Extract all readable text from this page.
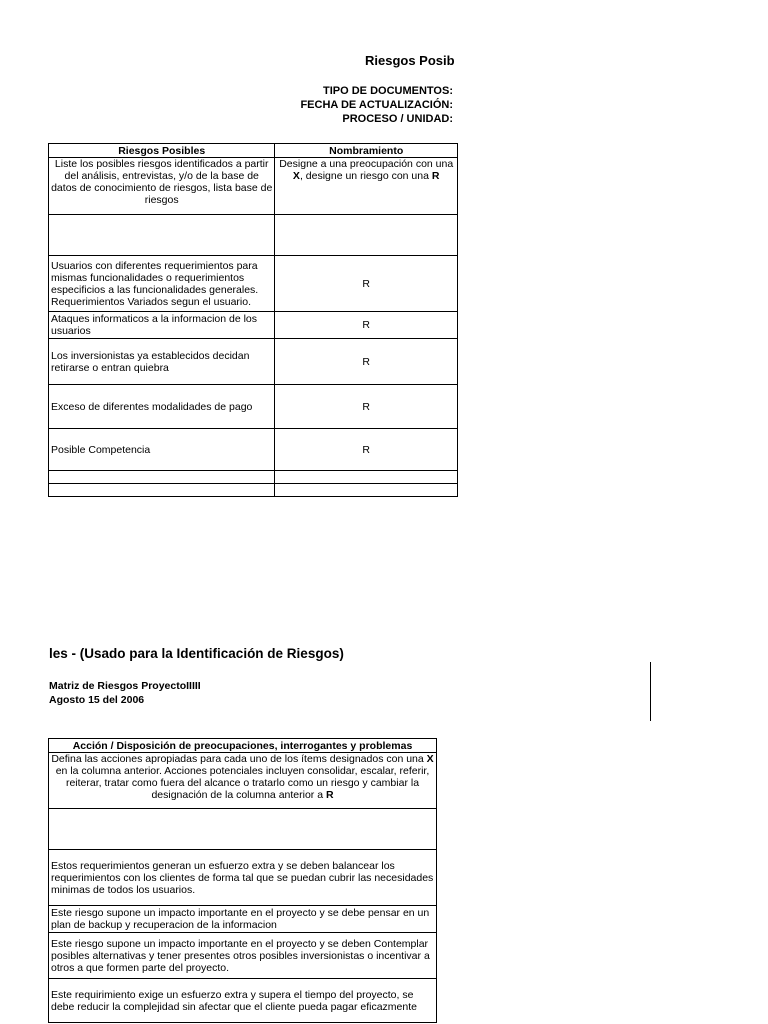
Riesgos Posib
TIPO DE DOCUMENTOS:
FECHA DE ACTUALIZACIÓN:
PROCESO / UNIDAD:
Riesgos Posibles	Nombramiento
Liste los posibles riesgos identificados a partir del análisis, entrevistas, y/o de la base de datos de conocimiento de riesgos, lista base de riesgos	Designe a una preocupación con una X, designe un riesgo con una R

Usuarios con diferentes requerimientos para mismas funcionalidades o requerimientos especificios a las funcionalidades generales. Requerimientos Variados segun el usuario.	R
Ataques informaticos a la informacion de los usuarios	R
Los inversionistas ya establecidos decidan retirarse o entran quiebra	R
Exceso de diferentes modalidades de pago	R
Posible Competencia	R

les - (Usado para la Identificación de Riesgos)
Matriz de Riesgos ProyectoIIIII
Agosto 15 del 2006
Acción / Disposición de preocupaciones, interrogantes y problemas
Defina las acciones apropiadas para cada uno de los ítems designados con una X en la columna anterior. Acciones potenciales incluyen consolidar, escalar, referir, reiterar, tratar como fuera del alcance o tratarlo como un riesgo y cambiar la designación de la columna anterior a R

Estos requerimientos generan un esfuerzo extra y se deben balancear los requerimientos con los clientes de forma tal que se puedan cubrir las necesidades minimas de todos los usuarios.
Este riesgo supone un impacto importante en el proyecto y se debe pensar en un plan de backup y recuperacion de la informacion
Este riesgo supone un impacto importante en el proyecto y se deben Contemplar posibles alternativas y tener presentes otros posibles inversionistas o incentivar a otros a que formen parte del proyecto.
Este requirimiento exige un esfuerzo extra y supera el tiempo del proyecto, se debe reducir la complejidad sin afectar que el cliente pueda pagar eficazmente
